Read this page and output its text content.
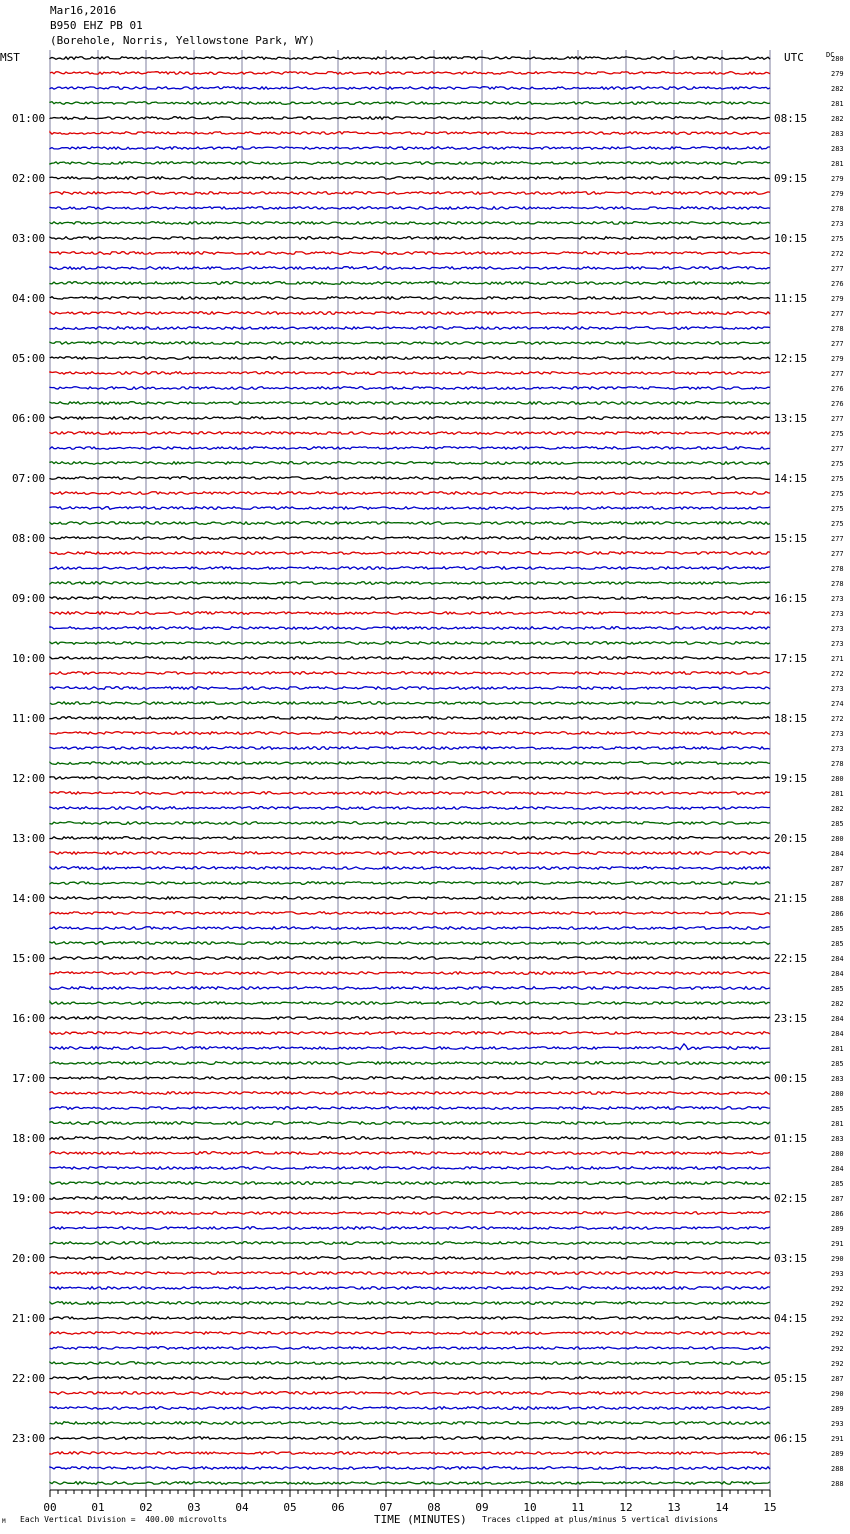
Mar16,2016
B950 EHZ PB 01
(Borehole, Norris, Yellowstone Park, WY)
280
279
282
281
282
283
283
281
279
279
278
273
275
272
277
276
279
277
278
277
279
277
276
276
277
275
277
275
275
275
275
275
277
277
278
278
273
273
273
273
271
272
273
274
272
273
273
278
280
281
282
285
280
284
287
287
288
286
285
285
284
284
285
282
284
284
281
285
283
280
285
281
283
280
284
285
287
286
289
291
290
293
292
292
292
292
292
292
287
290
289
293
291
289
288
288
01:00
02:00
03:00
04:00
05:00
06:00
07:00
08:00
09:00
10:00
11:00
12:00
13:00
14:00
15:00
16:00
17:00
18:00
19:00
20:00
21:00
22:00
23:00
08:15
09:15
10:15
11:15
12:15
13:15
14:15
15:15
16:15
17:15
18:15
19:15
20:15
21:15
22:15
23:15
00:15
01:15
02:15
03:15
04:15
05:15
06:15
00	01	02	03	04	05	06	07	08	09	10	11	12	13	14	15
MST	UTC	DC
TIME (MINUTES)
M Each Vertical Division =  400.00 microvolts	Traces clipped at plus/minus 5 vertical divisions
